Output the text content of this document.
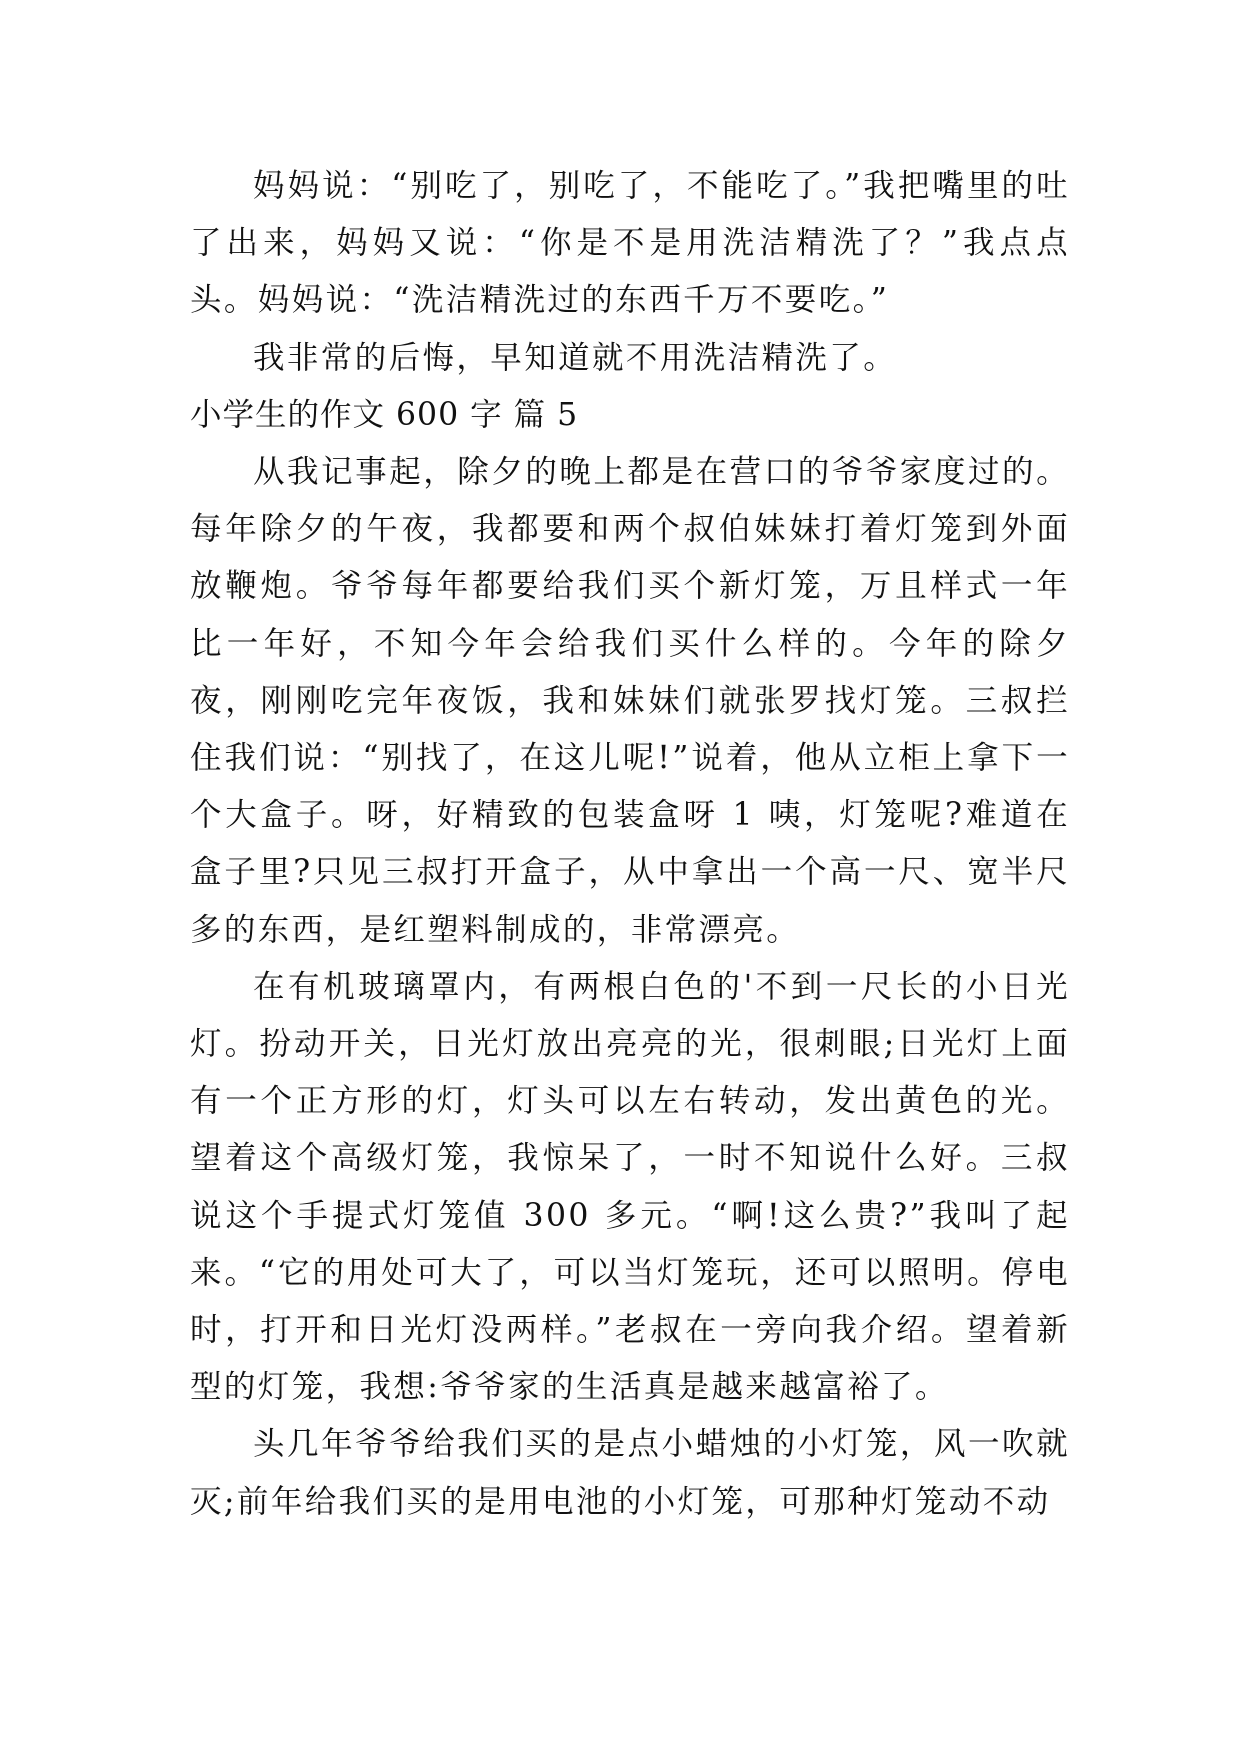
妈妈说：“别吃了，别吃了，不能吃了。”我把嘴里的吐了出来，妈妈又说：“你是不是用洗洁精洗了？”我点点头。妈妈说：“洗洁精洗过的东西千万不要吃。”

我非常的后悔，早知道就不用洗洁精洗了。

小学生的作文 600 字 篇 5

从我记事起，除夕的晚上都是在营口的爷爷家度过的。每年除夕的午夜，我都要和两个叔伯妹妹打着灯笼到外面放鞭炮。爷爷每年都要给我们买个新灯笼，万且样式一年比一年好，不知今年会给我们买什么样的。今年的除夕夜，刚刚吃完年夜饭，我和妹妹们就张罗找灯笼。三叔拦住我们说：“别找了，在这儿呢!”说着，他从立柜上拿下一个大盒子。呀，好精致的包装盒呀 1 咦，灯笼呢?难道在盒子里?只见三叔打开盒子，从中拿出一个高一尺、宽半尺多的东西，是红塑料制成的，非常漂亮。

在有机玻璃罩内，有两根白色的'不到一尺长的小日光灯。扮动开关，日光灯放出亮亮的光，很刺眼;日光灯上面有一个正方形的灯，灯头可以左右转动，发出黄色的光。望着这个高级灯笼，我惊呆了，一时不知说什么好。三叔说这个手提式灯笼值 300 多元。“啊!这么贵?”我叫了起来。“它的用处可大了，可以当灯笼玩，还可以照明。停电时，打开和日光灯没两样。”老叔在一旁向我介绍。望着新型的灯笼，我想:爷爷家的生活真是越来越富裕了。

头几年爷爷给我们买的是点小蜡烛的小灯笼，风一吹就灭;前年给我们买的是用电池的小灯笼，可那种灯笼动不动
